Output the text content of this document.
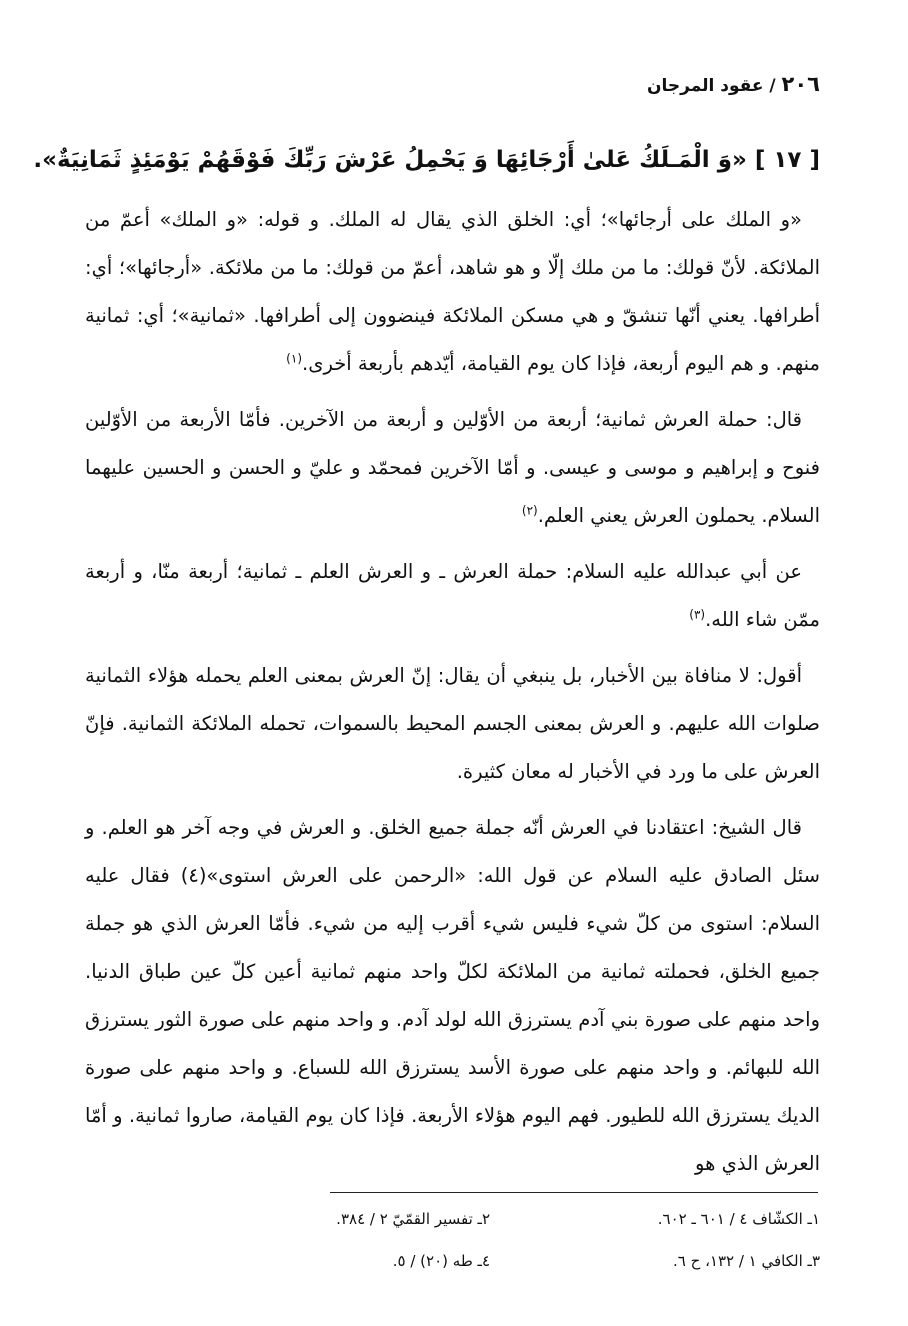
٢٠٦ / عقود المرجان
[ ١٧ ] «وَ الْمَـلَكُ عَلىٰ أَرْجَائِهَا وَ يَحْمِلُ عَرْشَ رَبِّكَ فَوْقَهُمْ يَوْمَئِذٍ ثَمَانِيَةٌ».

«و الملك على أرجائها»؛ أي: الخلق الذي يقال له الملك. و قوله: «و الملك» أعمّ من الملائكة. لأنّ قولك: ما من ملك إلّا و هو شاهد، أعمّ من قولك: ما من ملائكة. «أرجائها»؛ أي: أطرافها. يعني أنّها تنشقّ و هي مسكن الملائكة فينضوون إلى أطرافها. «ثمانية»؛ أي: ثمانية منهم. و هم اليوم أربعة، فإذا كان يوم القيامة، أيّدهم بأربعة أخرى.$^{(١)}$

قال: حملة العرش ثمانية؛ أربعة من الأوّلين و أربعة من الآخرين. فأمّا الأربعة من الأوّلين فنوح و إبراهيم و موسى و عيسى. و أمّا الآخرين فمحمّد و عليّ و الحسن و الحسين عليهما السلام. يحملون العرش يعني العلم.$^{(٢)}$

عن أبي عبدالله عليه السلام: حملة العرش ـ و العرش العلم ـ ثمانية؛ أربعة منّا، و أربعة ممّن شاء الله.$^{(٣)}$

أقول: لا منافاة بين الأخبار، بل ينبغي أن يقال: إنّ العرش بمعنى العلم يحمله هؤلاء الثمانية صلوات الله عليهم. و العرش بمعنى الجسم المحيط بالسموات، تحمله الملائكة الثمانية. فإنّ العرش على ما ورد في الأخبار له معان كثيرة.

قال الشيخ: اعتقادنا في العرش أنّه جملة جميع الخلق. و العرش في وجه آخر هو العلم. و سئل الصادق عليه السلام عن قول الله: «الرحمن على العرش استوى»(٤) فقال عليه السلام: استوى من كلّ شيء فليس شيء أقرب إليه من شيء. فأمّا العرش الذي هو جملة جميع الخلق، فحملته ثمانية من الملائكة لكلّ واحد منهم ثمانية أعين كلّ عين طباق الدنيا. واحد منهم على صورة بني آدم يسترزق الله لولد آدم. و واحد منهم على صورة الثور يسترزق الله للبهائم. و واحد منهم على صورة الأسد يسترزق الله للسباع. و واحد منهم على صورة الديك يسترزق الله للطيور. فهم اليوم هؤلاء الأربعة. فإذا كان يوم القيامة، صاروا ثمانية. و أمّا العرش الذي هو

١ـ الكشّاف ٤ / ٦٠١ ـ ٦٠٢.
٢ـ تفسير القمّيّ ٢ / ٣٨٤.
٣ـ الكافي ١ / ١٣٢، ح ٦.
٤ـ طه (٢٠) / ٥.
